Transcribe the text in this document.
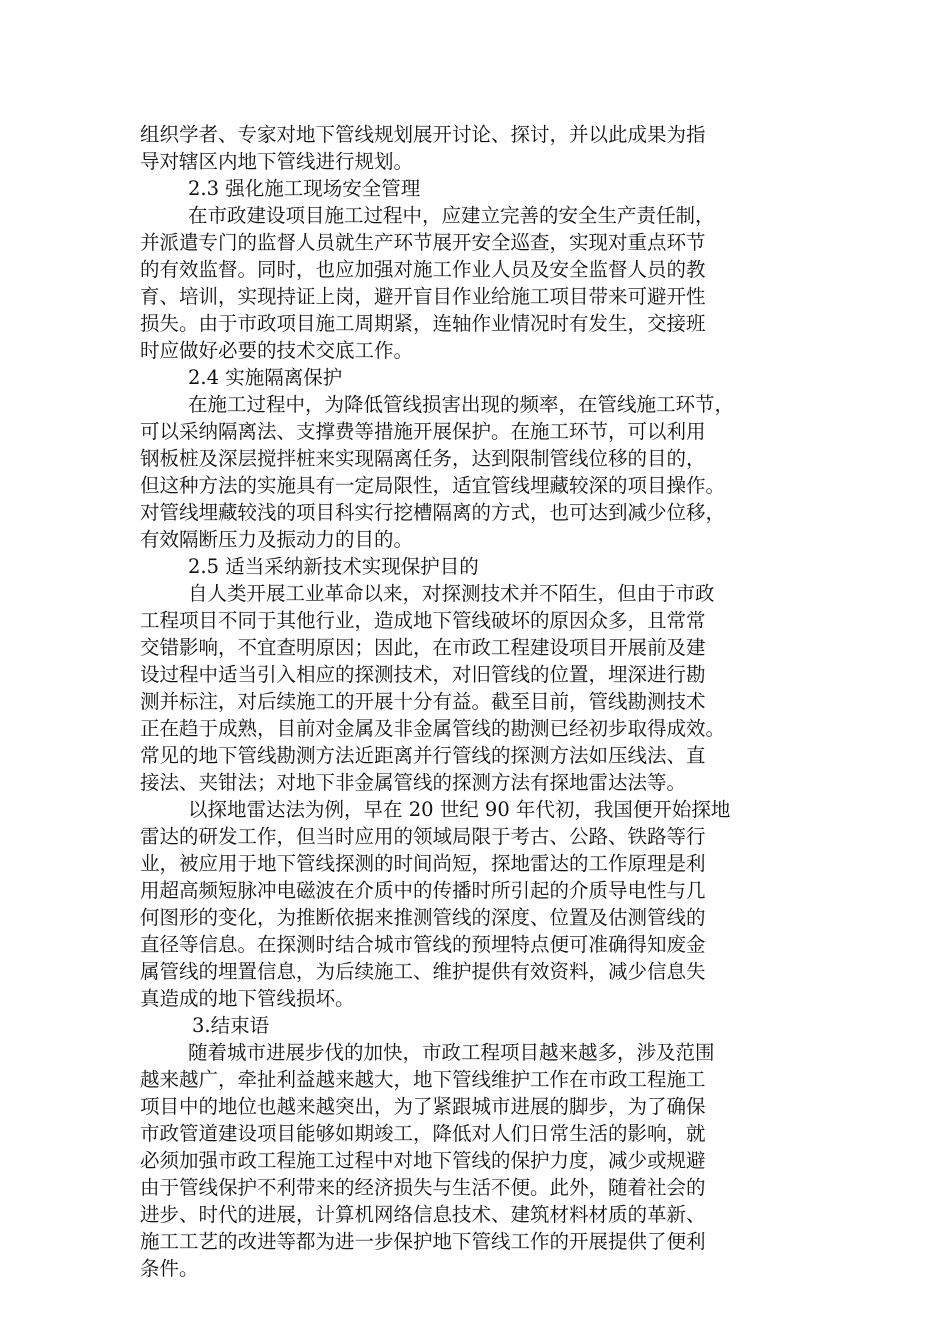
组织学者、专家对地下管线规划展开讨论、探讨，并以此成果为指
导对辖区内地下管线进行规划。
2.3 强化施工现场安全管理
在市政建设项目施工过程中，应建立完善的安全生产责任制，
并派遣专门的监督人员就生产环节展开安全巡查，实现对重点环节
的有效监督。同时，也应加强对施工作业人员及安全监督人员的教
育、培训，实现持证上岗，避开盲目作业给施工项目带来可避开性
损失。由于市政项目施工周期紧，连轴作业情况时有发生，交接班
时应做好必要的技术交底工作。
2.4 实施隔离保护
在施工过程中，为降低管线损害出现的频率，在管线施工环节，
可以采纳隔离法、支撑费等措施开展保护。在施工环节，可以利用
钢板桩及深层搅拌桩来实现隔离任务，达到限制管线位移的目的，
但这种方法的实施具有一定局限性，适宜管线埋藏较深的项目操作。
对管线埋藏较浅的项目科实行挖槽隔离的方式，也可达到减少位移，
有效隔断压力及振动力的目的。
2.5 适当采纳新技术实现保护目的
自人类开展工业革命以来，对探测技术并不陌生，但由于市政
工程项目不同于其他行业，造成地下管线破坏的原因众多，且常常
交错影响，不宜查明原因；因此，在市政工程建设项目开展前及建
设过程中适当引入相应的探测技术，对旧管线的位置，埋深进行勘
测并标注，对后续施工的开展十分有益。截至目前，管线勘测技术
正在趋于成熟，目前对金属及非金属管线的勘测已经初步取得成效。
常见的地下管线勘测方法近距离并行管线的探测方法如压线法、直
接法、夹钳法；对地下非金属管线的探测方法有探地雷达法等。
以探地雷达法为例，早在 20 世纪 90 年代初，我国便开始探地
雷达的研发工作，但当时应用的领域局限于考古、公路、铁路等行
业，被应用于地下管线探测的时间尚短，探地雷达的工作原理是利
用超高频短脉冲电磁波在介质中的传播时所引起的介质导电性与几
何图形的变化，为推断依据来推测管线的深度、位置及估测管线的
直径等信息。在探测时结合城市管线的预埋特点便可准确得知废金
属管线的埋置信息，为后续施工、维护提供有效资料，减少信息失
真造成的地下管线损坏。
3.结束语
随着城市进展步伐的加快，市政工程项目越来越多，涉及范围
越来越广，牵扯利益越来越大，地下管线维护工作在市政工程施工
项目中的地位也越来越突出，为了紧跟城市进展的脚步，为了确保
市政管道建设项目能够如期竣工，降低对人们日常生活的影响，就
必须加强市政工程施工过程中对地下管线的保护力度，减少或规避
由于管线保护不利带来的经济损失与生活不便。此外，随着社会的
进步、时代的进展，计算机网络信息技术、建筑材料材质的革新、
施工工艺的改进等都为进一步保护地下管线工作的开展提供了便利
条件。
